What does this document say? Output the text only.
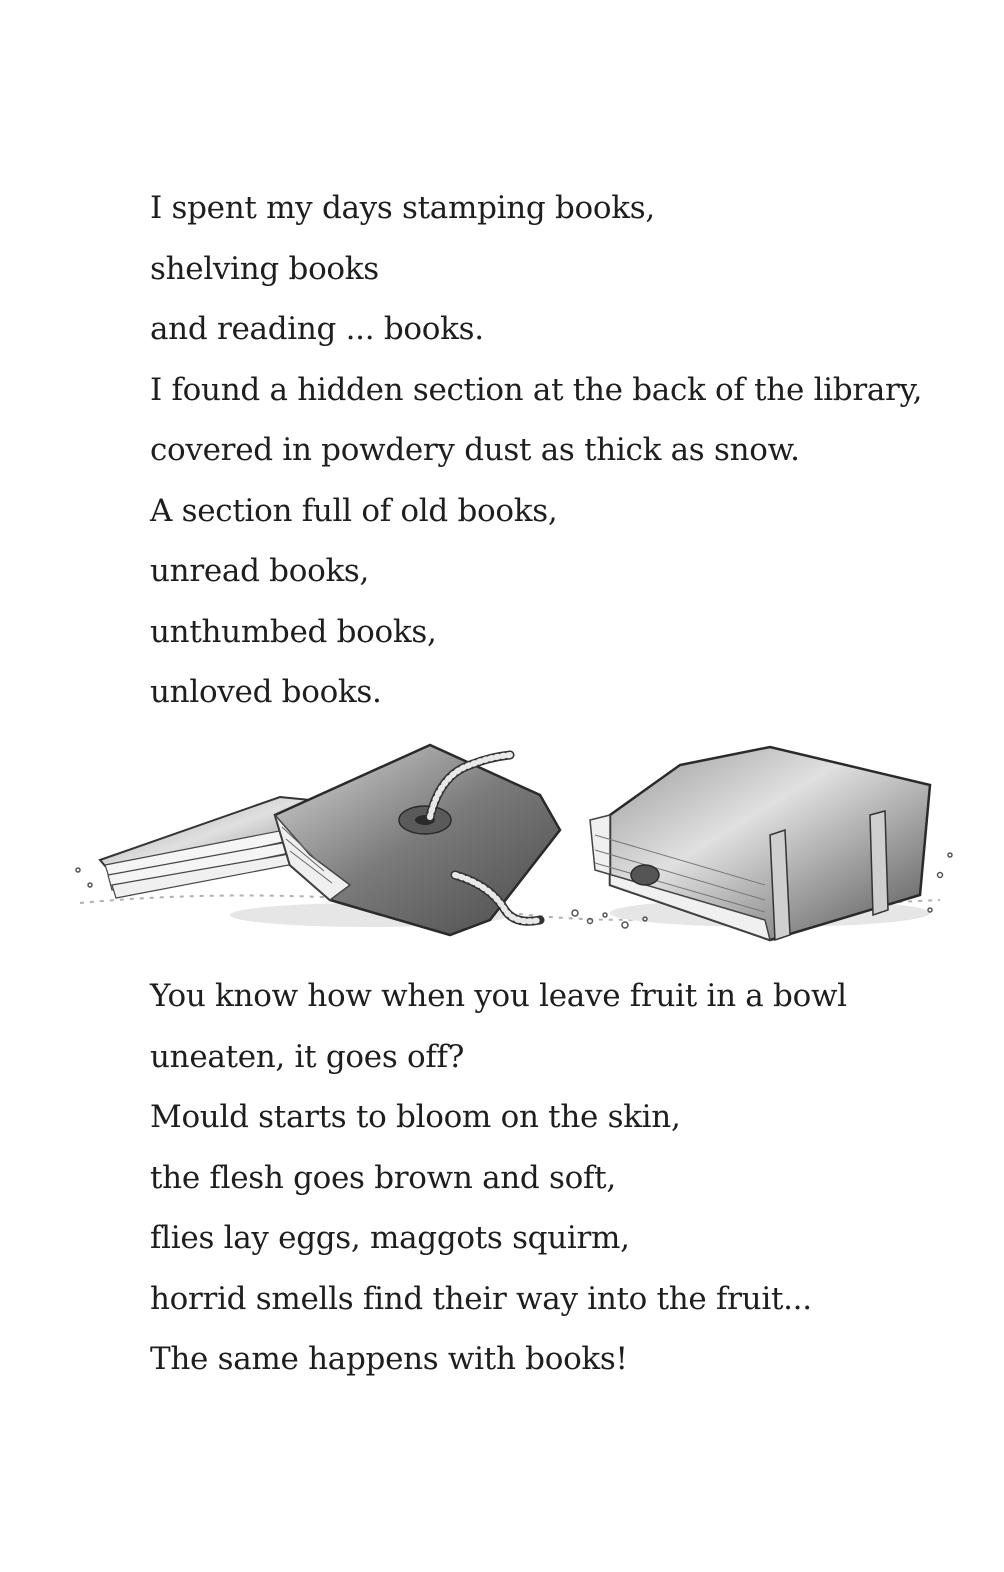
I spent my days stamping books,
shelving books
and reading ... books.
I found a hidden section at the back of the library,
covered in powdery dust as thick as snow.
A section full of old books,
unread books,
unthumbed books,
unloved books.
You know how when you leave fruit in a bowl
uneaten, it goes off?
Mould starts to bloom on the skin,
the flesh goes brown and soft,
flies lay eggs, maggots squirm,
horrid smells find their way into the fruit...
The same happens with books!
